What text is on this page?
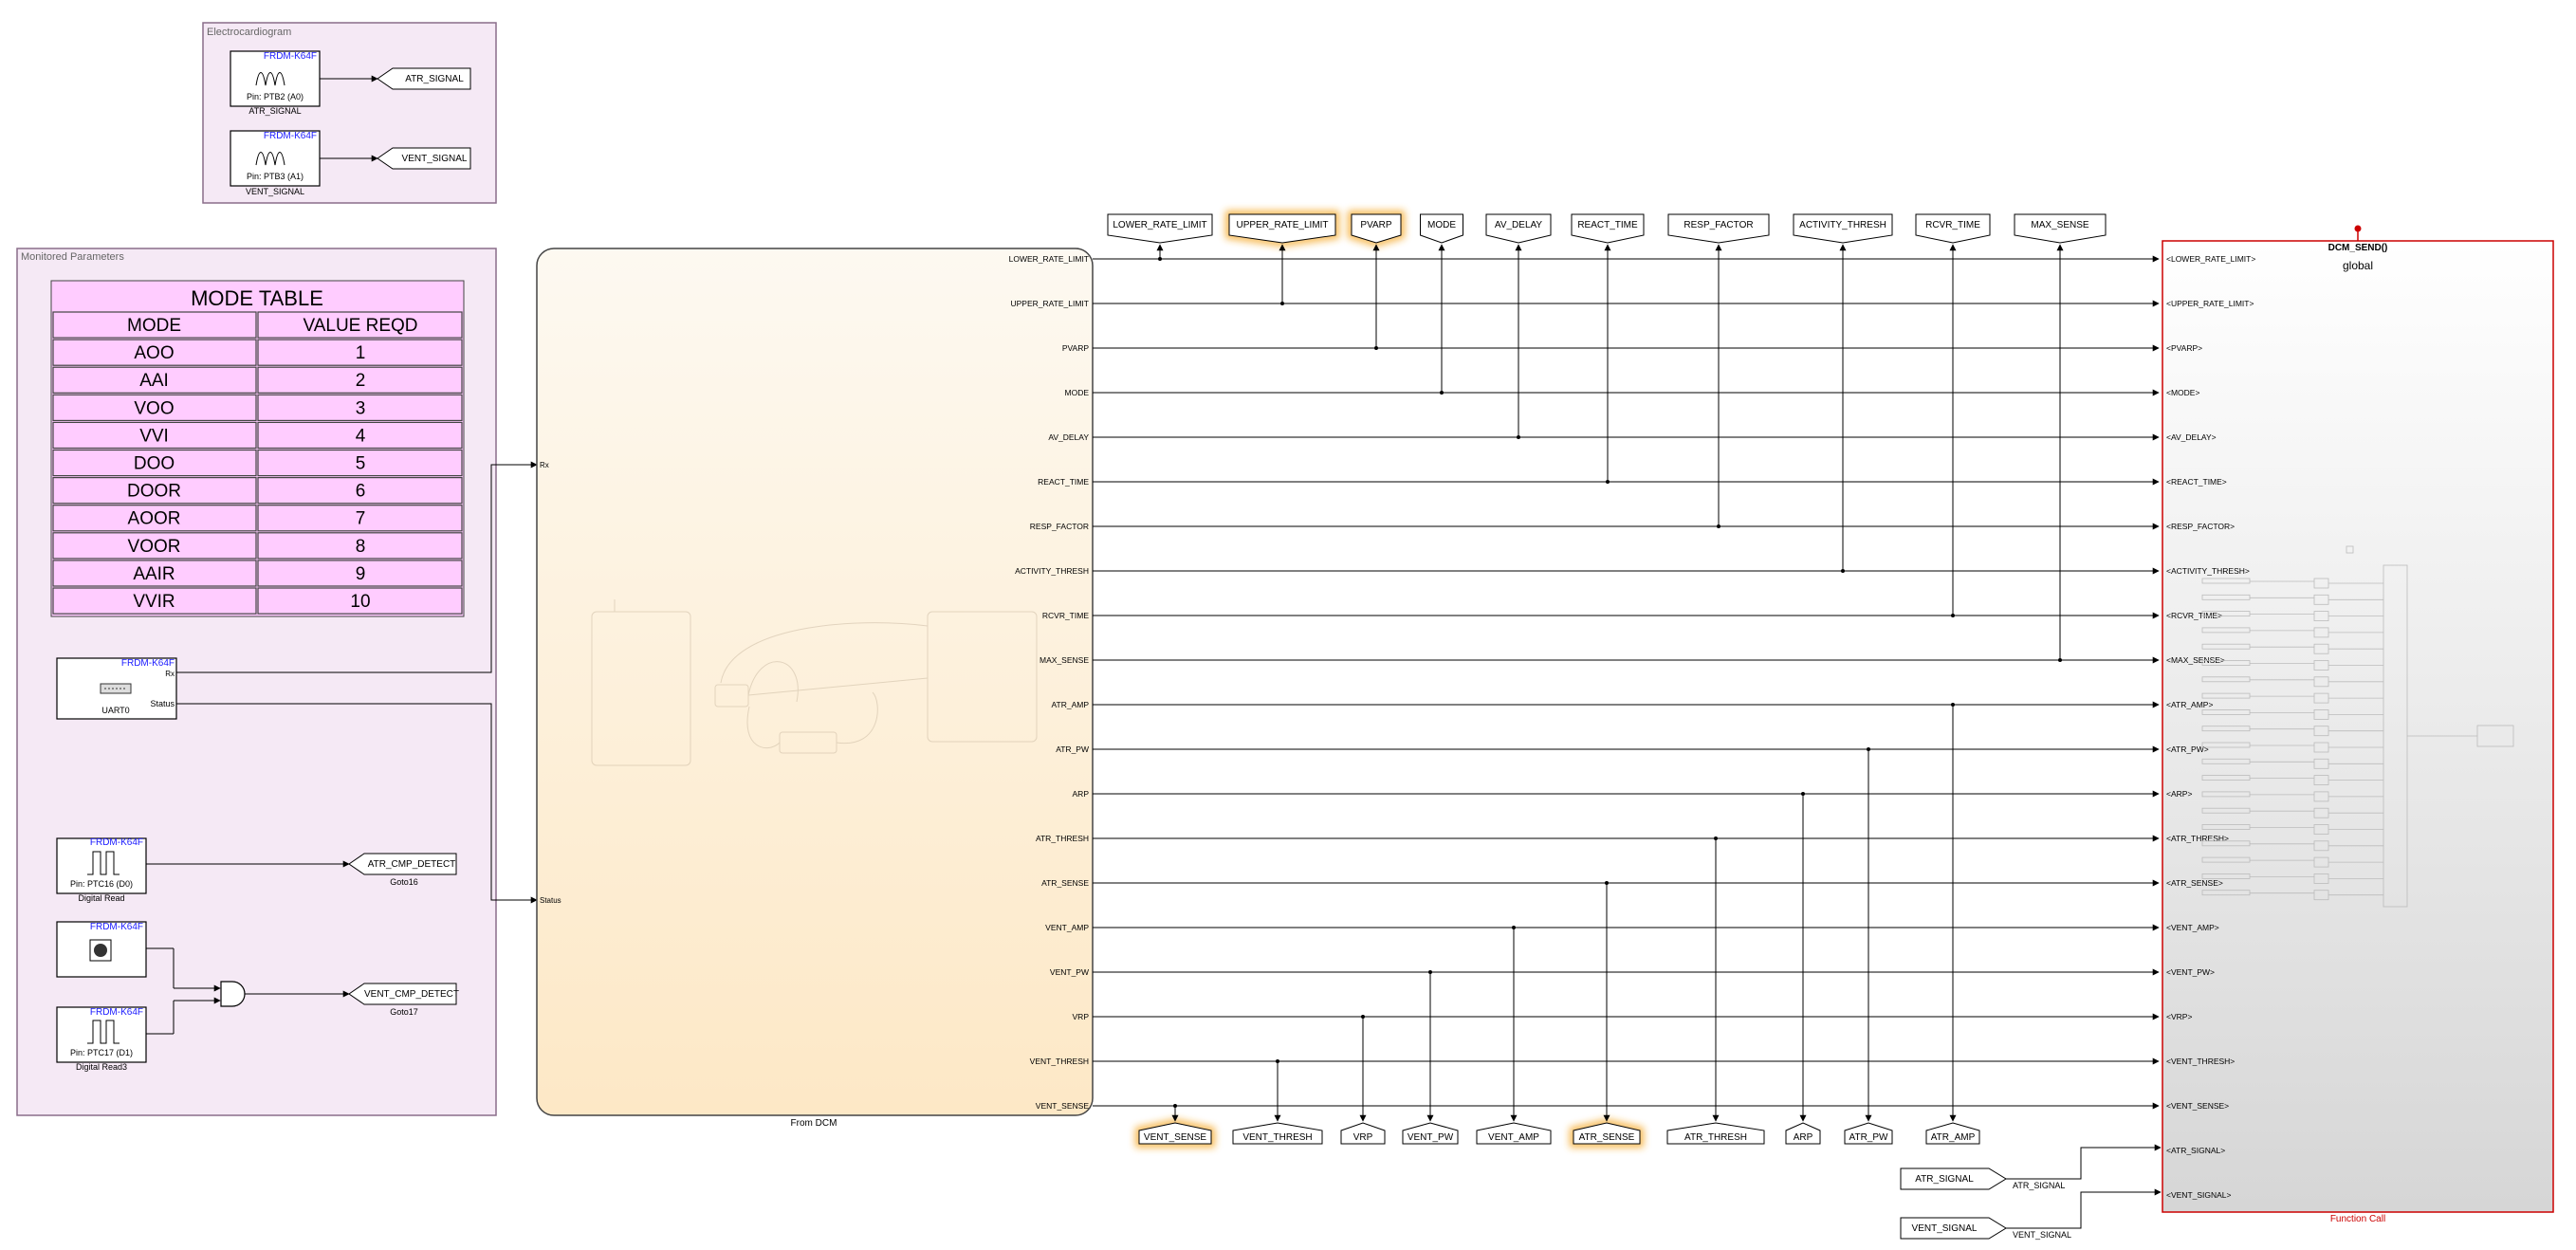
Electrocardiogram
FRDM-K64F
Pin: PTB2 (A0)
ATR_SIGNAL
ATR_SIGNAL
FRDM-K64F
Pin: PTB3 (A1)
VENT_SIGNAL
VENT_SIGNAL
Monitored Parameters
MODE TABLE
MODE	VALUE REQD
AOO	1
AAI	2
VOO	3
VVI	4
DOO	5
DOOR	6
AOOR	7
VOOR	8
AAIR	9
VVIR	10
FRDM-K64F
Rx
Status
UART0
FRDM-K64F
Pin: PTC16 (D0)
Digital Read
ATR_CMP_DETECT
Goto16
FRDM-K64F
FRDM-K64F
Pin: PTC17 (D1)
Digital Read3
VENT_CMP_DETECT
Goto17
Rx
Status
From DCM
LOWER_RATE_LIMIT
UPPER_RATE_LIMIT
PVARP
MODE
AV_DELAY
REACT_TIME
RESP_FACTOR
ACTIVITY_THRESH
RCVR_TIME
MAX_SENSE
ATR_AMP
ATR_PW
ARP
ATR_THRESH
ATR_SENSE
VENT_AMP
VENT_PW
VRP
VENT_THRESH
VENT_SENSE
LOWER_RATE_LIMIT	UPPER_RATE_LIMIT	PVARP	MODE	AV_DELAY	REACT_TIME	RESP_FACTOR	ACTIVITY_THRESH	RCVR_TIME	MAX_SENSE
VENT_SENSE	VENT_THRESH	VRP	VENT_PW	VENT_AMP	ATR_SENSE	ATR_THRESH	ARP	ATR_PW	ATR_AMP
ATR_SIGNAL
ATR_SIGNAL
VENT_SIGNAL
VENT_SIGNAL
DCM_SEND()
global
Function Call
<LOWER_RATE_LIMIT>
<UPPER_RATE_LIMIT>
<PVARP>
<MODE>
<AV_DELAY>
<REACT_TIME>
<RESP_FACTOR>
<ACTIVITY_THRESH>
<RCVR_TIME>
<MAX_SENSE>
<ATR_AMP>
<ATR_PW>
<ARP>
<ATR_THRESH>
<ATR_SENSE>
<VENT_AMP>
<VENT_PW>
<VRP>
<VENT_THRESH>
<VENT_SENSE>
<ATR_SIGNAL>
<VENT_SIGNAL>
